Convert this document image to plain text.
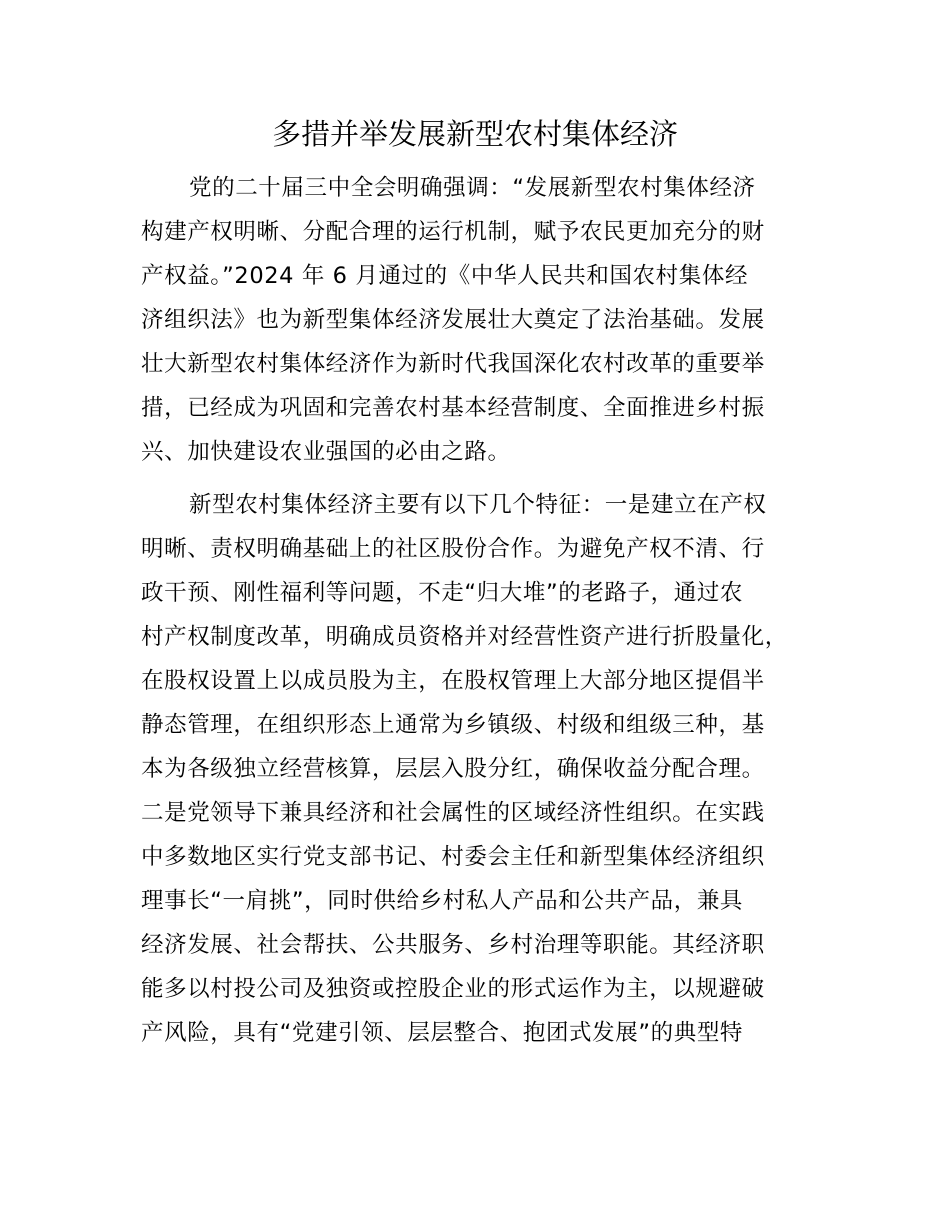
多措并举发展新型农村集体经济
党的二十届三中全会明确强调：“发展新型农村集体经济
构建产权明晰、分配合理的运行机制，赋予农民更加充分的财
产权益。”2024 年 6 月通过的《中华人民共和国农村集体经
济组织法》也为新型集体经济发展壮大奠定了法治基础。发展
壮大新型农村集体经济作为新时代我国深化农村改革的重要举
措，已经成为巩固和完善农村基本经营制度、全面推进乡村振
兴、加快建设农业强国的必由之路。
新型农村集体经济主要有以下几个特征：一是建立在产权
明晰、责权明确基础上的社区股份合作。为避免产权不清、行
政干预、刚性福利等问题，不走“归大堆”的老路子，通过农
村产权制度改革，明确成员资格并对经营性资产进行折股量化，
在股权设置上以成员股为主，在股权管理上大部分地区提倡半
静态管理，在组织形态上通常为乡镇级、村级和组级三种，基
本为各级独立经营核算，层层入股分红，确保收益分配合理。
二是党领导下兼具经济和社会属性的区域经济性组织。在实践
中多数地区实行党支部书记、村委会主任和新型集体经济组织
理事长“一肩挑”，同时供给乡村私人产品和公共产品，兼具
经济发展、社会帮扶、公共服务、乡村治理等职能。其经济职
能多以村投公司及独资或控股企业的形式运作为主，以规避破
产风险，具有“党建引领、层层整合、抱团式发展”的典型特
